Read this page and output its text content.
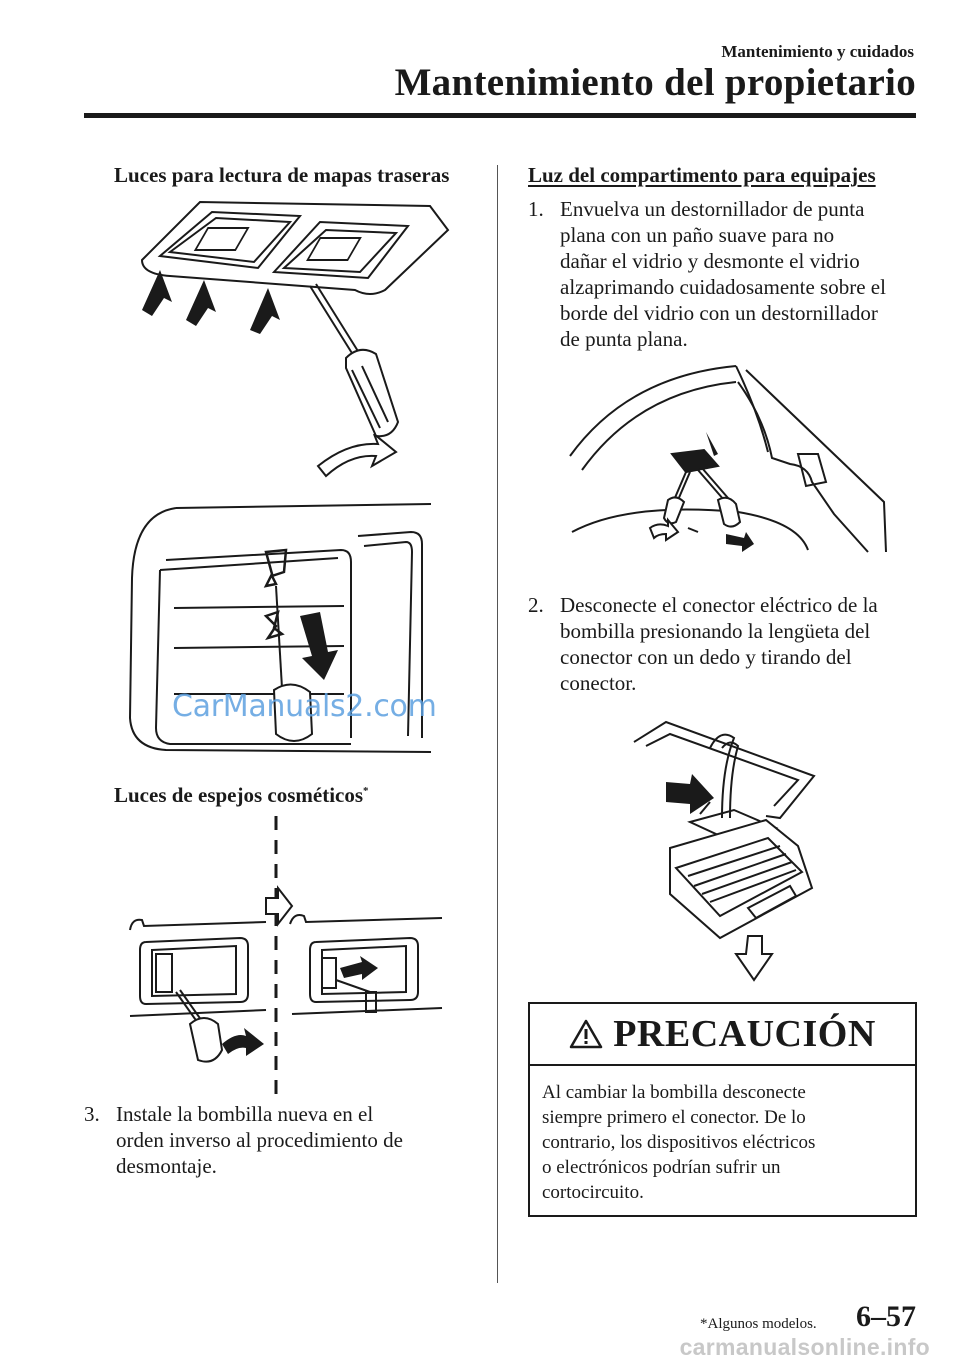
Mantenimiento y cuidados
Mantenimiento del propietario
Luces para lectura de mapas traseras
CarManuals2.com
Luces de espejos cosméticos*
3. Instale la bombilla nueva en el
orden inverso al procedimiento de
desmontaje.
Luz del compartimento para equipajes
1. Envuelva un destornillador de punta
plana con un paño suave para no
dañar el vidrio y desmonte el vidrio
alzaprimando cuidadosamente sobre el
borde del vidrio con un destornillador
de punta plana.
2. Desconecte el conector eléctrico de la
bombilla presionando la lengüeta del
conector con un dedo y tirando del
conector.
PRECAUCIÓN
Al cambiar la bombilla desconecte
siempre primero el conector. De lo
contrario, los dispositivos eléctricos
o electrónicos podrían sufrir un
cortocircuito.
*Algunos modelos. 6–57
carmanualsonline.info
